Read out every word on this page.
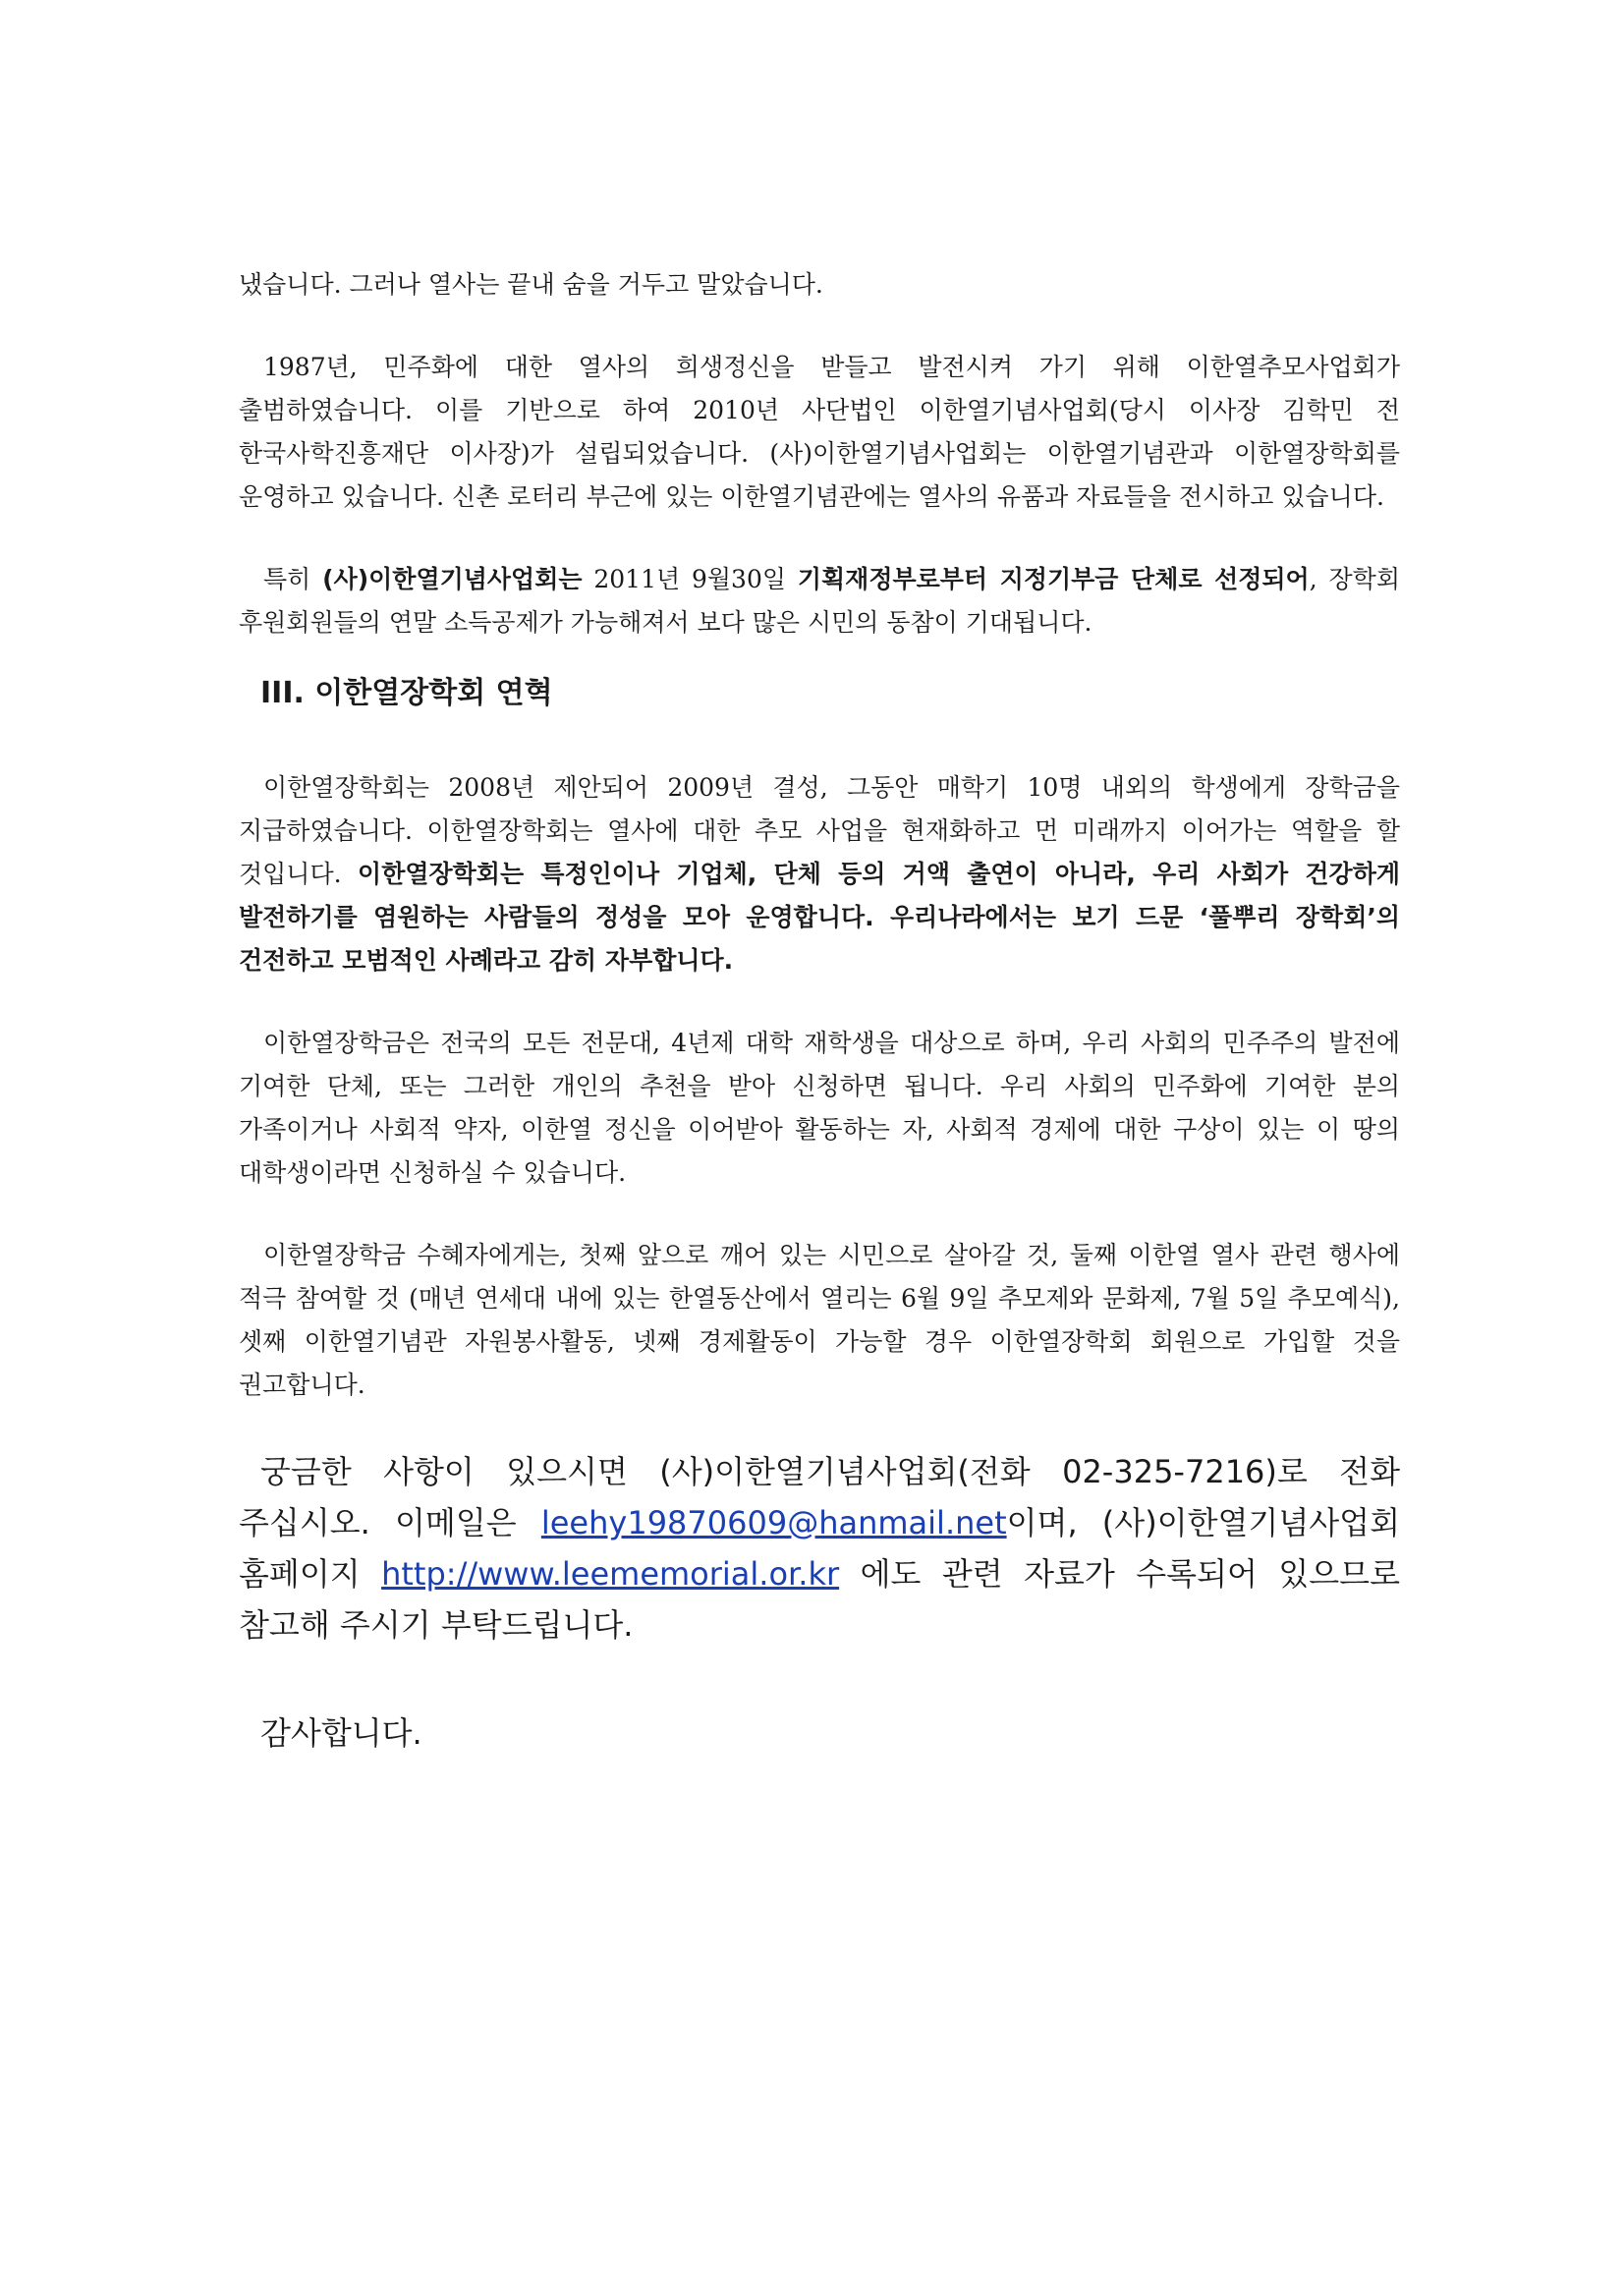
냈습니다. 그러나 열사는 끝내 숨을 거두고 말았습니다.

1987년, 민주화에 대한 열사의 희생정신을 받들고 발전시켜 가기 위해 이한열추모사업회가 출범하였습니다. 이를 기반으로 하여 2010년 사단법인 이한열기념사업회(당시 이사장 김학민 전 한국사학진흥재단 이사장)가 설립되었습니다. (사)이한열기념사업회는 이한열기념관과 이한열장학회를 운영하고 있습니다. 신촌 로터리 부근에 있는 이한열기념관에는 열사의 유품과 자료들을 전시하고 있습니다.

특히 (사)이한열기념사업회는 2011년 9월30일 기획재정부로부터 지정기부금 단체로 선정되어, 장학회 후원회원들의 연말 소득공제가 가능해져서 보다 많은 시민의 동참이 기대됩니다.

III. 이한열장학회 연혁

이한열장학회는 2008년 제안되어 2009년 결성, 그동안 매학기 10명 내외의 학생에게 장학금을 지급하였습니다. 이한열장학회는 열사에 대한 추모 사업을 현재화하고 먼 미래까지 이어가는 역할을 할 것입니다. 이한열장학회는 특정인이나 기업체, 단체 등의 거액 출연이 아니라, 우리 사회가 건강하게 발전하기를 염원하는 사람들의 정성을 모아 운영합니다. 우리나라에서는 보기 드문 ‘풀뿌리 장학회’의 건전하고 모범적인 사례라고 감히 자부합니다.

이한열장학금은 전국의 모든 전문대, 4년제 대학 재학생을 대상으로 하며, 우리 사회의 민주주의 발전에 기여한 단체, 또는 그러한 개인의 추천을 받아 신청하면 됩니다. 우리 사회의 민주화에 기여한 분의 가족이거나 사회적 약자, 이한열 정신을 이어받아 활동하는 자, 사회적 경제에 대한 구상이 있는 이 땅의 대학생이라면 신청하실 수 있습니다.

이한열장학금 수혜자에게는, 첫째 앞으로 깨어 있는 시민으로 살아갈 것, 둘째 이한열 열사 관련 행사에 적극 참여할 것 (매년 연세대 내에 있는 한열동산에서 열리는 6월 9일 추모제와 문화제, 7월 5일 추모예식), 셋째 이한열기념관 자원봉사활동, 넷째 경제활동이 가능할 경우 이한열장학회 회원으로 가입할 것을 권고합니다.

궁금한 사항이 있으시면 (사)이한열기념사업회(전화 02-325-7216)로 전화 주십시오. 이메일은 leehy19870609@hanmail.net이며, (사)이한열기념사업회 홈페이지 http://www.leememorial.or.kr 에도 관련 자료가 수록되어 있으므로 참고해 주시기 부탁드립니다.

감사합니다.
